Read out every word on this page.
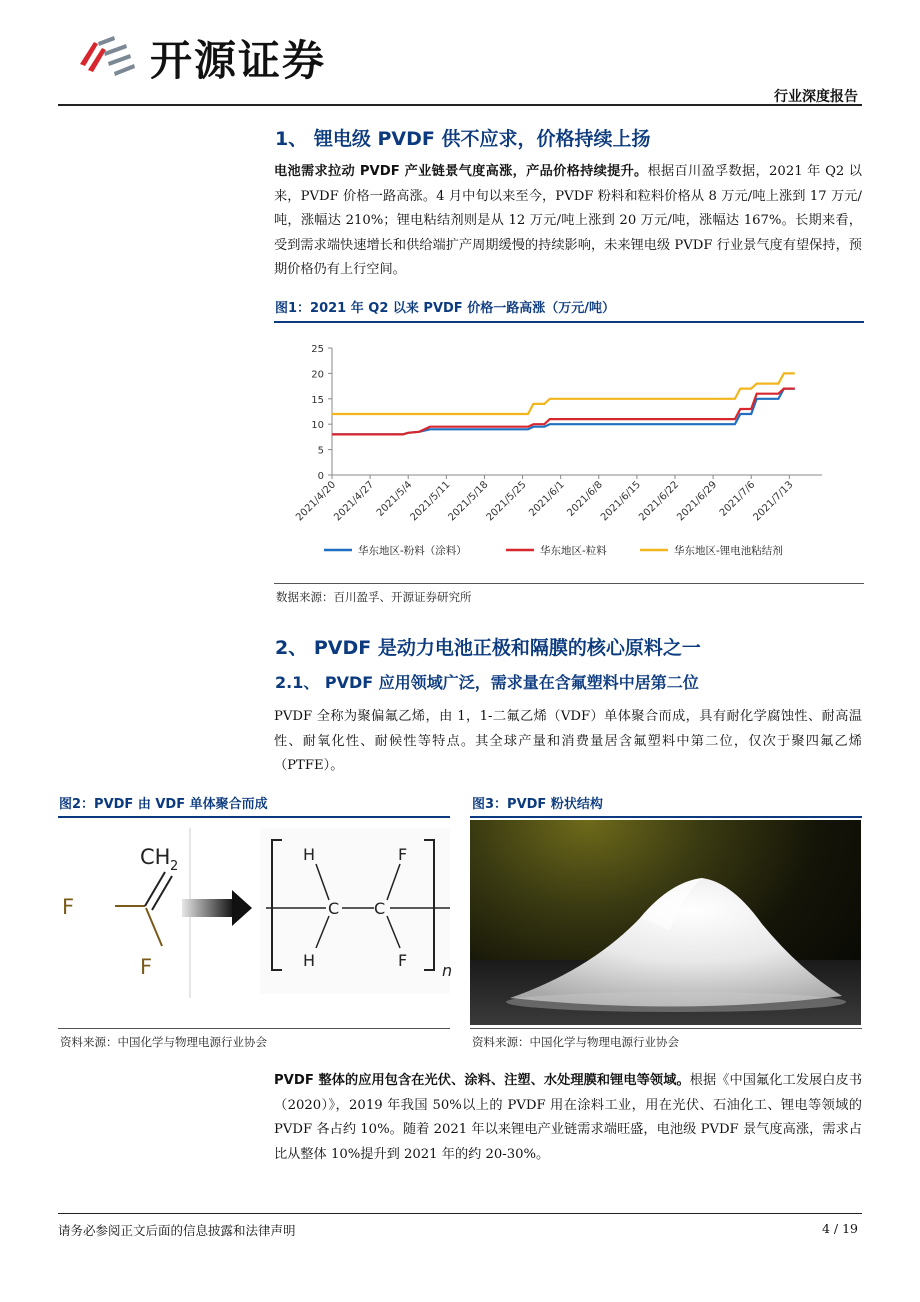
开源证券
行业深度报告
1、 锂电级 PVDF 供不应求，价格持续上扬
电池需求拉动 PVDF 产业链景气度高涨，产品价格持续提升。根据百川盈孚数据，2021 年 Q2 以来，PVDF 价格一路高涨。4 月中旬以来至今，PVDF 粉料和粒料价格从 8 万元/吨上涨到 17 万元/吨，涨幅达 210%；锂电粘结剂则是从 12 万元/吨上涨到 20 万元/吨，涨幅达 167%。长期来看，受到需求端快速增长和供给端扩产周期缓慢的持续影响，未来锂电级 PVDF 行业景气度有望保持，预期价格仍有上行空间。
图1：2021 年 Q2 以来 PVDF 价格一路高涨（万元/吨）
0
5
10
15
20
25
2021/4/20
2021/4/27
2021/5/4
2021/5/11
2021/5/18
2021/5/25
2021/6/1
2021/6/8
2021/6/15
2021/6/22
2021/6/29
2021/7/6
2021/7/13
华东地区-粉料（涂料）	华东地区-粒料	华东地区-锂电池粘结剂
数据来源：百川盈孚、开源证券研究所
2、 PVDF 是动力电池正极和隔膜的核心原料之一
2.1、 PVDF 应用领域广泛，需求量在含氟塑料中居第二位
PVDF 全称为聚偏氟乙烯，由 1，1-二氟乙烯（VDF）单体聚合而成，具有耐化学腐蚀性、耐高温性、耐氧化性、耐候性等特点。其全球产量和消费量居含氟塑料中第二位，仅次于聚四氟乙烯（PTFE）。
图2：PVDF 由 VDF 单体聚合而成
CH 2
F
F
H
H
C C
F
F
n
资料来源：中国化学与物理电源行业协会
图3：PVDF 粉状结构
资料来源：中国化学与物理电源行业协会
PVDF 整体的应用包含在光伏、涂料、注塑、水处理膜和锂电等领域。根据《中国氟化工发展白皮书（2020）》，2019 年我国 50%以上的 PVDF 用在涂料工业，用在光伏、石油化工、锂电等领域的 PVDF 各占约 10%。随着 2021 年以来锂电产业链需求端旺盛，电池级 PVDF 景气度高涨，需求占比从整体 10%提升到 2021 年的约 20-30%。
请务必参阅正文后面的信息披露和法律声明	4 / 19
